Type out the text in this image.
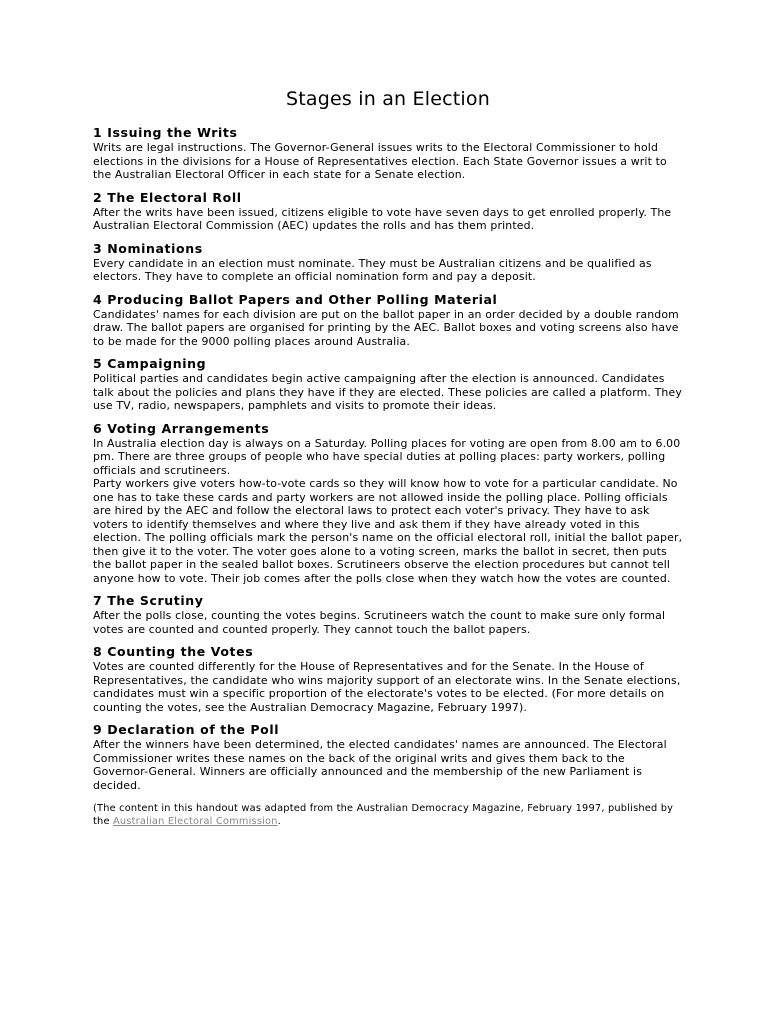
Stages in an Election
1 Issuing the Writs

Writs are legal instructions. The Governor-General issues writs to the Electoral Commissioner to hold elections in the divisions for a House of Representatives election. Each State Governor issues a writ to the Australian Electoral Officer in each state for a Senate election.

2 The Electoral Roll

After the writs have been issued, citizens eligible to vote have seven days to get enrolled properly. The Australian Electoral Commission (AEC) updates the rolls and has them printed.

3 Nominations

Every candidate in an election must nominate. They must be Australian citizens and be qualified as electors. They have to complete an official nomination form and pay a deposit.

4 Producing Ballot Papers and Other Polling Material

Candidates' names for each division are put on the ballot paper in an order decided by a double random draw. The ballot papers are organised for printing by the AEC. Ballot boxes and voting screens also have to be made for the 9000 polling places around Australia.

5 Campaigning

Political parties and candidates begin active campaigning after the election is announced. Candidates talk about the policies and plans they have if they are elected. These policies are called a platform. They use TV, radio, newspapers, pamphlets and visits to promote their ideas.

6 Voting Arrangements

In Australia election day is always on a Saturday. Polling places for voting are open from 8.00 am to 6.00 pm. There are three groups of people who have special duties at polling places: party workers, polling officials and scrutineers.

Party workers give voters how-to-vote cards so they will know how to vote for a particular candidate. No one has to take these cards and party workers are not allowed inside the polling place. Polling officials are hired by the AEC and follow the electoral laws to protect each voter's privacy. They have to ask voters to identify themselves and where they live and ask them if they have already voted in this election. The polling officials mark the person's name on the official electoral roll, initial the ballot paper, then give it to the voter. The voter goes alone to a voting screen, marks the ballot in secret, then puts the ballot paper in the sealed ballot boxes. Scrutineers observe the election procedures but cannot tell anyone how to vote. Their job comes after the polls close when they watch how the votes are counted.

7 The Scrutiny

After the polls close, counting the votes begins. Scrutineers watch the count to make sure only formal votes are counted and counted properly. They cannot touch the ballot papers.

8 Counting the Votes

Votes are counted differently for the House of Representatives and for the Senate. In the House of Representatives, the candidate who wins majority support of an electorate wins. In the Senate elections, candidates must win a specific proportion of the electorate's votes to be elected. (For more details on counting the votes, see the Australian Democracy Magazine, February 1997).

9 Declaration of the Poll

After the winners have been determined, the elected candidates' names are announced. The Electoral Commissioner writes these names on the back of the original writs and gives them back to the Governor-General. Winners are officially announced and the membership of the new Parliament is decided.

(The content in this handout was adapted from the Australian Democracy Magazine, February 1997, published by the Australian Electoral Commission.
